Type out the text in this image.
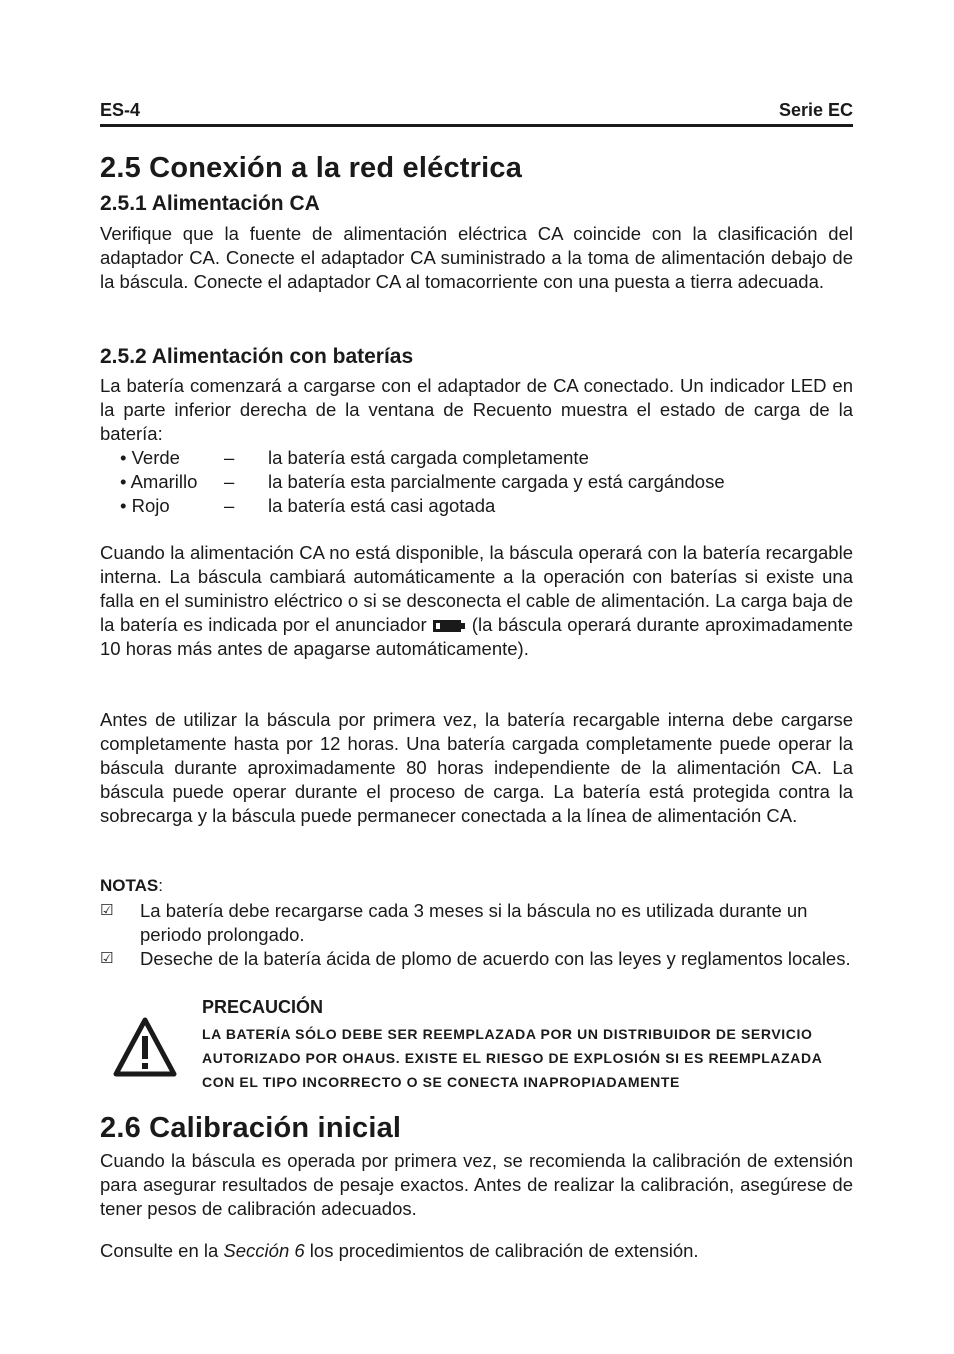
ES-4	Serie EC
2.5 Conexión a la red eléctrica
2.5.1 Alimentación CA
Verifique que la fuente de alimentación eléctrica CA coincide con la clasificación del adaptador CA. Conecte el adaptador CA suministrado a la toma de alimentación debajo de la báscula. Conecte el adaptador CA al tomacorriente con una puesta a tierra adecuada.
2.5.2 Alimentación con baterías
La batería comenzará a cargarse con el adaptador de CA conectado. Un indicador LED en la parte inferior derecha de la ventana de Recuento muestra el estado de carga de la batería:
• Verde	–	la batería está cargada completamente
• Amarillo	–	la batería esta parcialmente cargada y está cargándose
• Rojo	–	la batería está casi agotada
Cuando la alimentación CA no está disponible, la báscula operará con la batería recargable interna. La báscula cambiará automáticamente a la operación con baterías si existe una falla en el suministro eléctrico o si se desconecta el cable de alimentación. La carga baja de la batería es indicada por el anunciador (la báscula operará durante aproximadamente 10 horas más antes de apagarse automáticamente).
Antes de utilizar la báscula por primera vez, la batería recargable interna debe cargarse completamente hasta por 12 horas. Una batería cargada completamente puede operar la báscula durante aproximadamente 80 horas independiente de la alimentación CA. La báscula puede operar durante el proceso de carga. La batería está protegida contra la sobrecarga y la báscula puede permanecer conectada a la línea de alimentación CA.
NOTAS:
☑	La batería debe recargarse cada 3 meses si la báscula no es utilizada durante un periodo prolongado.
☑	Deseche de la batería ácida de plomo de acuerdo con las leyes y reglamentos locales.
PRECAUCIÓN
LA BATERÍA SÓLO DEBE SER REEMPLAZADA POR UN DISTRIBUIDOR DE SERVICIO AUTORIZADO POR OHAUS. EXISTE EL RIESGO DE EXPLOSIÓN SI ES REEMPLAZADA CON EL TIPO INCORRECTO O SE CONECTA INAPROPIADAMENTE
2.6 Calibración inicial
Cuando la báscula es operada por primera vez, se recomienda la calibración de extensión para asegurar resultados de pesaje exactos. Antes de realizar la calibración, asegúrese de tener pesos de calibración adecuados.
Consulte en la Sección 6 los procedimientos de calibración de extensión.
